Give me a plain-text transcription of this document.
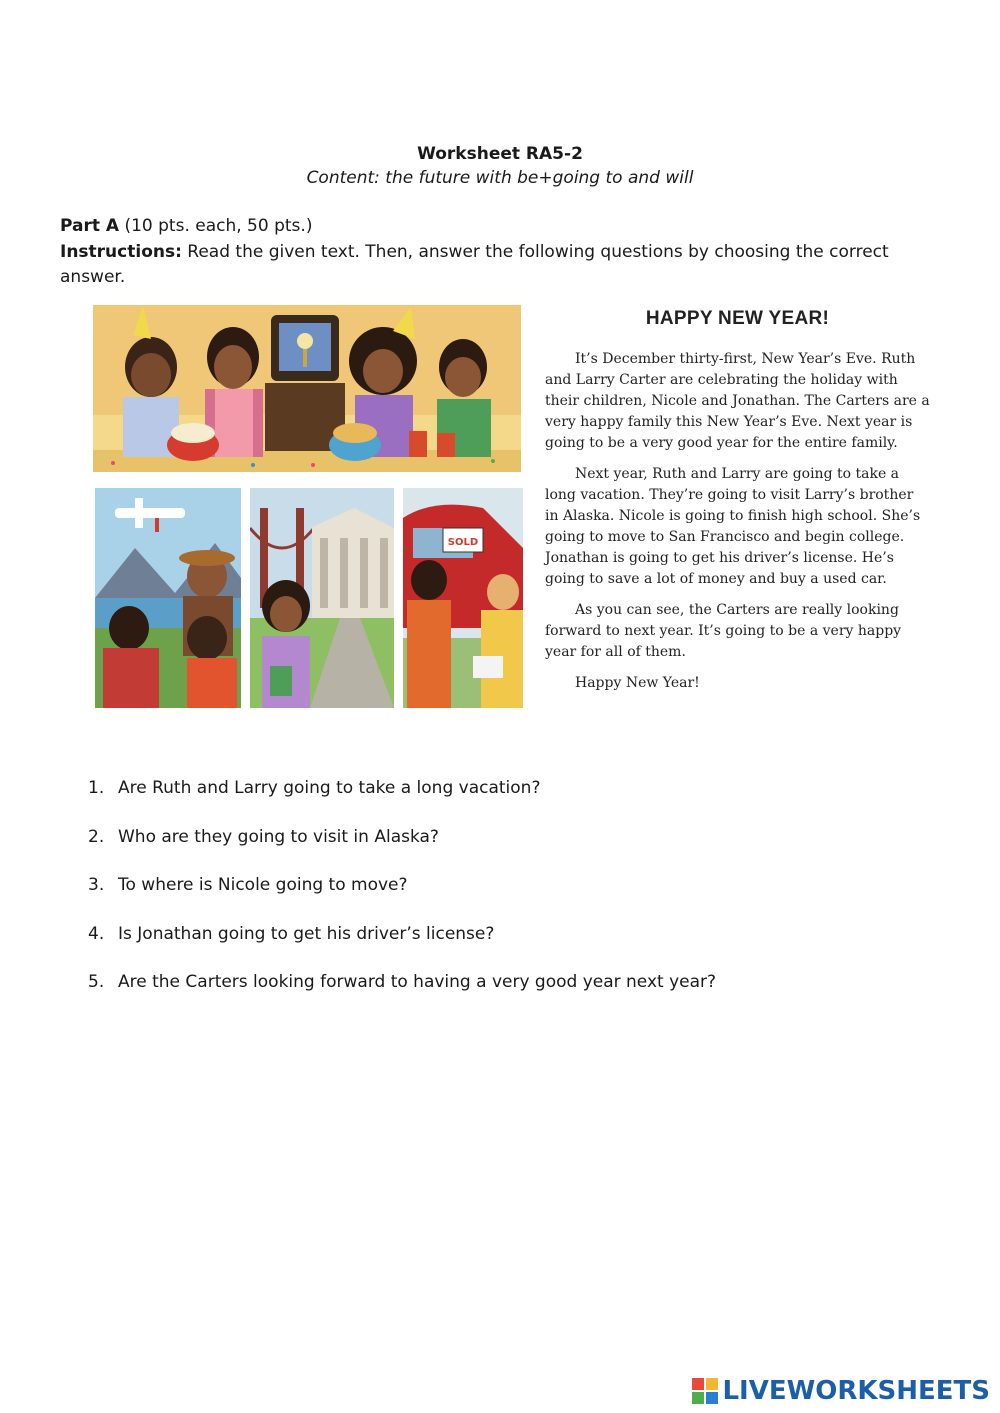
Worksheet RA5-2
Content: the future with be+going to and will
Part A (10 pts. each, 50 pts.)
Instructions: Read the given text. Then, answer the following questions by choosing the correct answer.
SOLD
HAPPY NEW YEAR!

It’s December thirty-first, New Year’s Eve. Ruth and Larry Carter are celebrating the holiday with their children, Nicole and Jonathan. The Carters are a very happy family this New Year’s Eve. Next year is going to be a very good year for the entire family.

Next year, Ruth and Larry are going to take a long vacation. They’re going to visit Larry’s brother in Alaska. Nicole is going to finish high school. She’s going to move to San Francisco and begin college. Jonathan is going to get his driver’s license. He’s going to save a lot of money and buy a used car.

As you can see, the Carters are really looking forward to next year. It’s going to be a very happy year for all of them.

Happy New Year!

1. Are Ruth and Larry going to take a long vacation?
2. Who are they going to visit in Alaska?
3. To where is Nicole going to move?
4. Is Jonathan going to get his driver’s license?
5. Are the Carters looking forward to having a very good year next year?
LIVEWORKSHEETS
